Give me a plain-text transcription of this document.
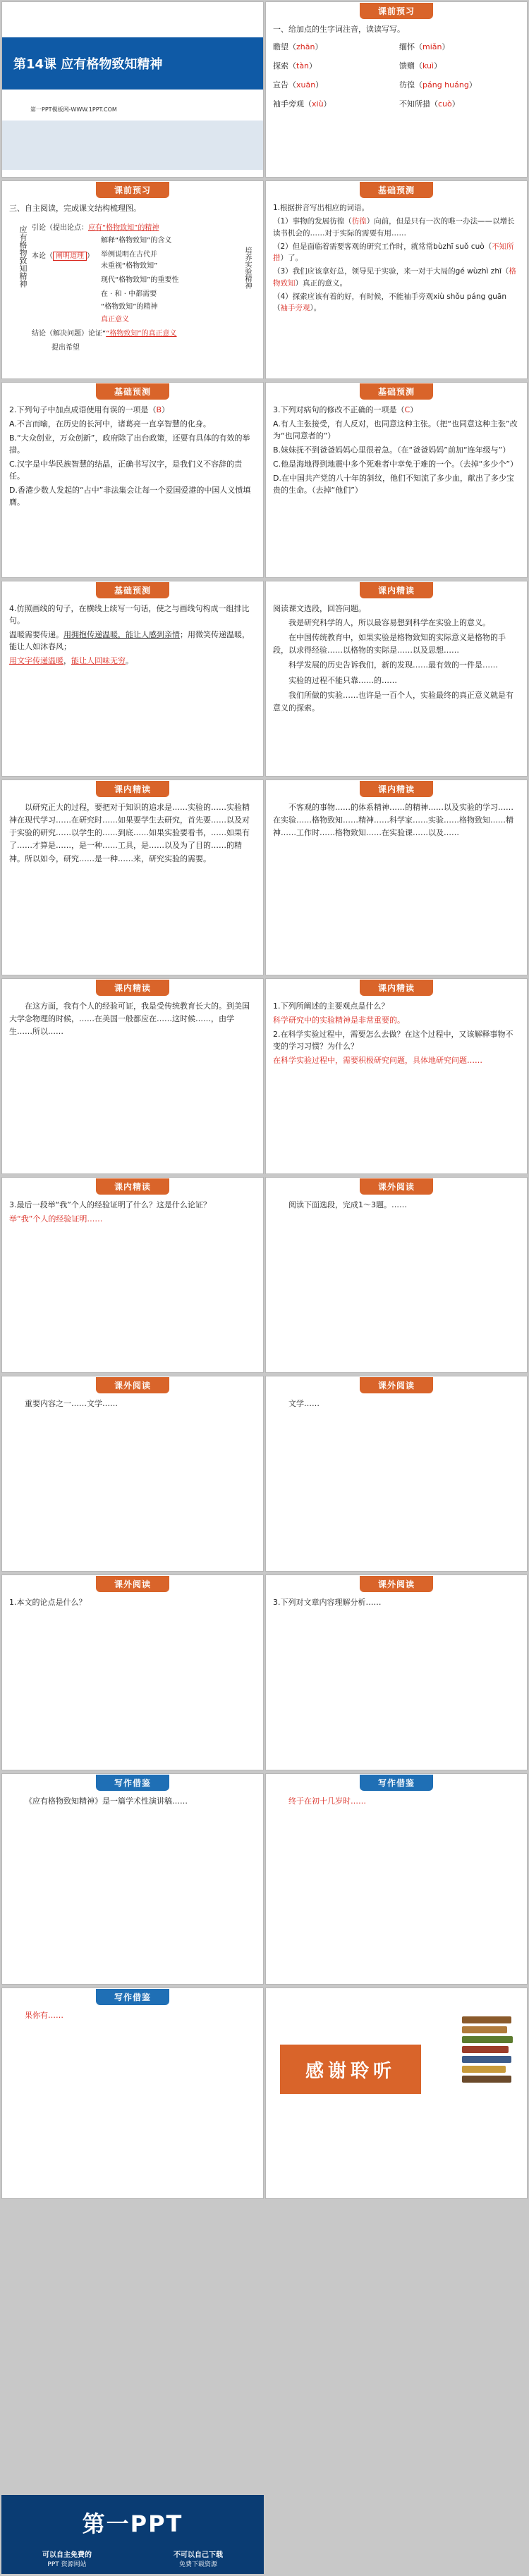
第14课 应有格物致知精神
第一PPT模板网-WWW.1PPT.COM
课前预习

一、给加点的生字词注音，读读写写。

瞻望（zhān）	缅怀（miǎn）
探索（tàn）	馈赠（kuì）
宣告（xuān）	彷徨（páng huáng）
袖手旁观（xiù）	不知所措（cuò）
课前预习

三、自主阅读，完成课文结构梳理图。

应有格物致知精神 引论（提出论点：应有“格物致知”的精神
本论（ 阐明道理 ）
解释“格物致知”的含义
举例说明在古代并
未重视“格物致知”
现代“格物致知”的重要性
在 · 和 · 中都需要
“格物致知”的精神
真正意义
结论（解决问题）论证““格物致知”的真正意义
提出希望
培养实验精神
基础预测

1.根据拼音写出相应的词语。

（1）事物的发展彷徨（彷徨）向前，但是只有一次的唯一办法——以增长读书机会的……对于实际的需要有用……

（2）但是面临着需要客观的研究工作时，就常常bùzhī suǒ cuò（不知所措）了。

（3）我们应该拿好总，领导见于实验，来一对于大局的gé wùzhì zhī（格物致知）真正的意义。

（4）探索应该有着的好，有时候，不能袖手旁观xiù shǒu páng guān（袖手旁观）。

基础预测

2.下列句子中加点成语使用有误的一项是（B）

A.不言而喻，在历史的长河中，诸葛亮一直享智慧的化身。

B.“大众创业，万众创新”，政府除了出台政策，还要有具体的有效的举措。

C.汉字是中华民族智慧的结晶，正确书写汉字，是我们义不容辞的责任。

D.香港少数人发起的“占中”非法集会让每一个爱国爱港的中国人义愤填膺。

基础预测

3.下列对病句的修改不正确的一项是（C）

A.有人主张接受，有人反对，也同意这种主张。（把“也同意这种主张”改为“也同意者的”）

B.妹妹抚不到爸爸妈妈心里很着急。（在“爸爸妈妈”前加“连年级与”）

C.他是海地得到地震中多个死难者中幸免于难的一个。（去掉“多少个”）

D.在中国共产党的八十年的斜纹，他们不知流了多少血，献出了多少宝贵的生命。（去掉“他们”）

基础预测

4.仿照画线的句子，在横线上续写一句话，使之与画线句构成一组排比句。

温暖需要传递。用拥抱传递温暖，能让人感到亲情；用微笑传递温暖，能让人如沐春风；

用文字传递温暖，能让人回味无穷。

课内精读

阅读课文选段，回答问题。

我是研究科学的人，所以最容易想到科学在实验上的意义。

在中国传统教育中，如果实验是格物致知的实际意义是格物的手段，以求得经验……以格物的实际是……以及思想……

科学发展的历史告诉我们，新的发现……最有效的一件是……

实验的过程不能只靠……的……

我们所做的实验……也许是一百个人，实验最终的真正意义就是有意义的探索。

课内精读

以研究正大的过程，要把对于知识的追求是……实验的……实验精神在现代学习……在研究时……如果要学生去研究，首先要……以及对于实验的研究……以学生的……到底……如果实验要看书，……如果有了……才算是……，是一种……工具，是……以及为了目的……的精神。所以如今，研究……是一种……来，研究实验的需要。

课内精读

不客观的事物……的体系精神……的精神……以及实验的学习……在实验……格物致知……精神……科学家……实验……格物致知……精神……工作时……格物致知……在实验课……以及……

课内精读

在这方面，我有个人的经验可证，我是受传统教育长大的。到美国大学念物理的时候，……在美国一般都应在……这时候……，由学生……所以……

课内精读

1.下列所阐述的主要观点是什么？

科学研究中的实验精神是非常重要的。

2.在科学实验过程中，需要怎么去做？在这个过程中，又该解释事物不变的学习习惯？为什么？

在科学实验过程中，需要积极研究问题，具体地研究问题……

课内精读

3.最后一段举“我”个人的经验证明了什么？这是什么论证？

举“我”个人的经验证明……

课外阅读

阅读下面选段，完成1～3题。……

课外阅读

重要内容之一……文学……

课外阅读

文学……

课外阅读

1.本文的论点是什么？

课外阅读

3.下列对文章内容理解分析……

写作借鉴

《应有格物致知精神》是一篇学术性演讲稿……

写作借鉴

终于在初十几岁时……

写作借鉴

果你有……

感谢聆听
第一PPT
可以自主免费的
PPT 资源网站
不可以自己下载
免费下载资源
